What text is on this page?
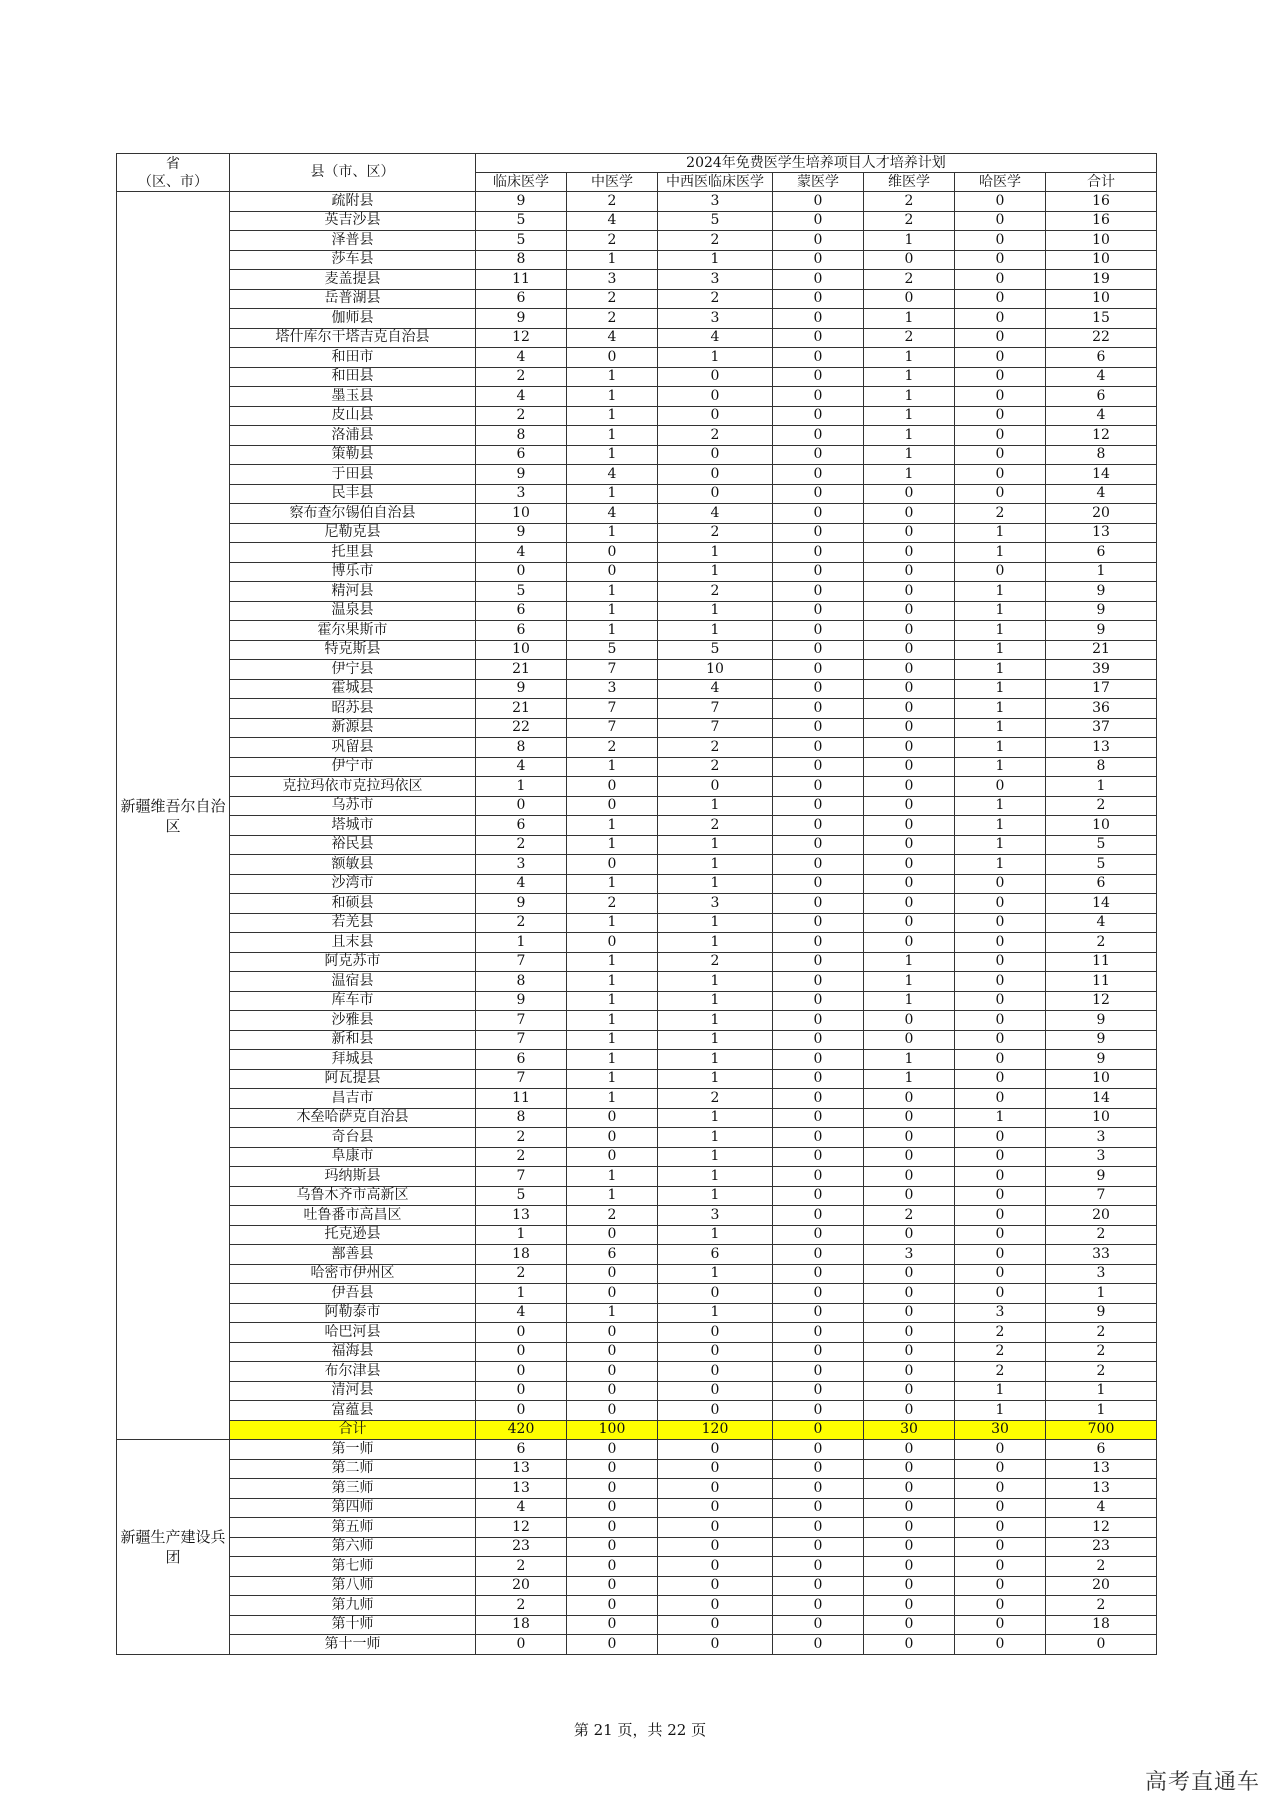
省
（区、市）	县（市、区）	2024年免费医学生培养项目人才培养计划						
		临床医学	中医学	中西医临床医学	蒙医学	维医学	哈医学	合计
新疆维吾尔自治区	疏附县	9	2	3	0	2	0	16
	英吉沙县	5	4	5	0	2	0	16
	泽普县	5	2	2	0	1	0	10
	莎车县	8	1	1	0	0	0	10
	麦盖提县	11	3	3	0	2	0	19
	岳普湖县	6	2	2	0	0	0	10
	伽师县	9	2	3	0	1	0	15
	塔什库尔干塔吉克自治县	12	4	4	0	2	0	22
	和田市	4	0	1	0	1	0	6
	和田县	2	1	0	0	1	0	4
	墨玉县	4	1	0	0	1	0	6
	皮山县	2	1	0	0	1	0	4
	洛浦县	8	1	2	0	1	0	12
	策勒县	6	1	0	0	1	0	8
	于田县	9	4	0	0	1	0	14
	民丰县	3	1	0	0	0	0	4
	察布查尔锡伯自治县	10	4	4	0	0	2	20
	尼勒克县	9	1	2	0	0	1	13
	托里县	4	0	1	0	0	1	6
	博乐市	0	0	1	0	0	0	1
	精河县	5	1	2	0	0	1	9
	温泉县	6	1	1	0	0	1	9
	霍尔果斯市	6	1	1	0	0	1	9
	特克斯县	10	5	5	0	0	1	21
	伊宁县	21	7	10	0	0	1	39
	霍城县	9	3	4	0	0	1	17
	昭苏县	21	7	7	0	0	1	36
	新源县	22	7	7	0	0	1	37
	巩留县	8	2	2	0	0	1	13
	伊宁市	4	1	2	0	0	1	8
	克拉玛依市克拉玛依区	1	0	0	0	0	0	1
	乌苏市	0	0	1	0	0	1	2
	塔城市	6	1	2	0	0	1	10
	裕民县	2	1	1	0	0	1	5
	额敏县	3	0	1	0	0	1	5
	沙湾市	4	1	1	0	0	0	6
	和硕县	9	2	3	0	0	0	14
	若羌县	2	1	1	0	0	0	4
	且末县	1	0	1	0	0	0	2
	阿克苏市	7	1	2	0	1	0	11
	温宿县	8	1	1	0	1	0	11
	库车市	9	1	1	0	1	0	12
	沙雅县	7	1	1	0	0	0	9
	新和县	7	1	1	0	0	0	9
	拜城县	6	1	1	0	1	0	9
	阿瓦提县	7	1	1	0	1	0	10
	昌吉市	11	1	2	0	0	0	14
	木垒哈萨克自治县	8	0	1	0	0	1	10
	奇台县	2	0	1	0	0	0	3
	阜康市	2	0	1	0	0	0	3
	玛纳斯县	7	1	1	0	0	0	9
	乌鲁木齐市高新区	5	1	1	0	0	0	7
	吐鲁番市高昌区	13	2	3	0	2	0	20
	托克逊县	1	0	1	0	0	0	2
	鄯善县	18	6	6	0	3	0	33
	哈密市伊州区	2	0	1	0	0	0	3
	伊吾县	1	0	0	0	0	0	1
	阿勒泰市	4	1	1	0	0	3	9
	哈巴河县	0	0	0	0	0	2	2
	福海县	0	0	0	0	0	2	2
	布尔津县	0	0	0	0	0	2	2
	清河县	0	0	0	0	0	1	1
	富蕴县	0	0	0	0	0	1	1
	合计	420	100	120	0	30	30	700
新疆生产建设兵团	第一师	6	0	0	0	0	0	6
	第二师	13	0	0	0	0	0	13
	第三师	13	0	0	0	0	0	13
	第四师	4	0	0	0	0	0	4
	第五师	12	0	0	0	0	0	12
	第六师	23	0	0	0	0	0	23
	第七师	2	0	0	0	0	0	2
	第八师	20	0	0	0	0	0	20
	第九师	2	0	0	0	0	0	2
	第十师	18	0	0	0	0	0	18
	第十一师	0	0	0	0	0	0	0
第 21 页，共 22 页
高考直通车
